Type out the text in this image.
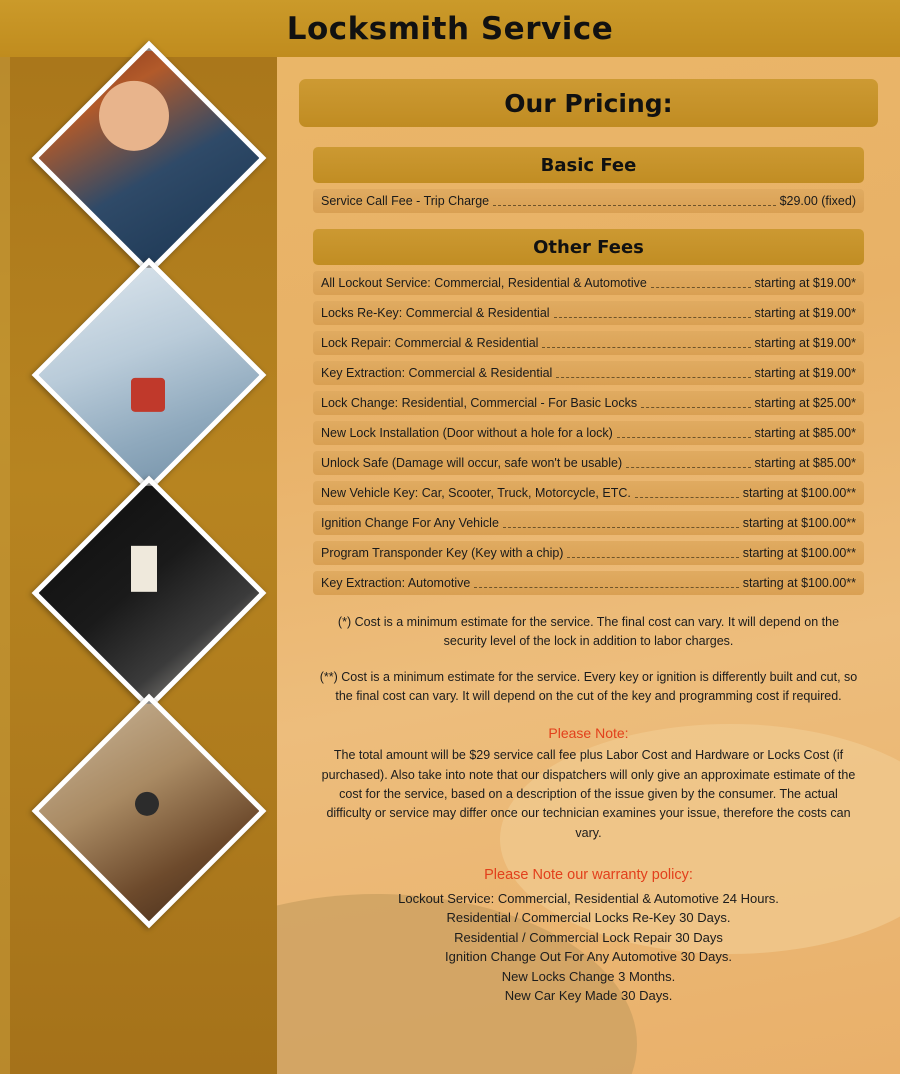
Our Pricing:
Basic Fee
Service Call Fee - Trip Charge	$29.00 (fixed)
Other Fees
All Lockout Service: Commercial, Residential & Automotive	starting at $19.00*
Locks Re-Key: Commercial & Residential	starting at $19.00*
Lock Repair: Commercial & Residential	starting at $19.00*
Key Extraction: Commercial & Residential	starting at $19.00*
Lock Change: Residential, Commercial - For Basic Locks	starting at $25.00*
New Lock Installation (Door without a hole for a lock)	starting at $85.00*
Unlock Safe (Damage will occur, safe won't be usable)	starting at $85.00*
New Vehicle Key: Car, Scooter, Truck, Motorcycle, ETC.	starting at $100.00**
Ignition Change For Any Vehicle	starting at $100.00**
Program Transponder Key (Key with a chip)	starting at $100.00**
Key Extraction: Automotive	starting at $100.00**
(*) Cost is a minimum estimate for the service. The final cost can vary. It will depend on the security level of the lock in addition to labor charges.
(**) Cost is a minimum estimate for the service. Every key or ignition is differently built and cut, so the final cost can vary. It will depend on the cut of the key and programming cost if required.
Please Note:
The total amount will be $29 service call fee plus Labor Cost and Hardware or Locks Cost (if purchased). Also take into note that our dispatchers will only give an approximate estimate of the cost for the service, based on a description of the issue given by the consumer. The actual difficulty or service may differ once our technician examines your issue, therefore the costs can vary.
Please Note our warranty policy:
Lockout Service: Commercial, Residential & Automotive 24 Hours.
Residential / Commercial Locks Re-Key 30 Days.
Residential / Commercial Lock Repair 30 Days
Ignition Change Out For Any Automotive 30 Days.
New Locks Change 3 Months.
New Car Key Made 30 Days.
Locksmith Service
